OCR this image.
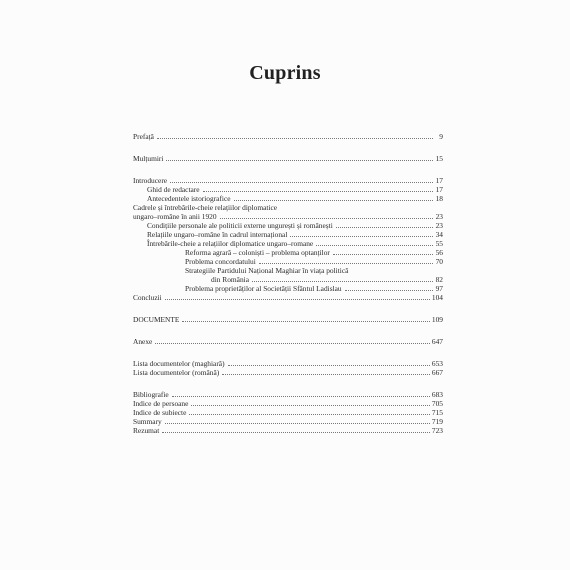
Cuprins
Prefață	9
Mulțumiri	15
Introducere	17
Ghid de redactare	17
Antecedentele istoriografice	18
Cadrele și întrebările-cheie relațiilor diplomatice
ungaro–române în anii 1920	23
Condițiile personale ale politicii externe ungurești și românești	23
Relațiile ungaro–române în cadrul internațional	34
Întrebările-cheie a relațiilor diplomatice ungaro–romane	55
Reforma agrară – coloniști – problema optanților	56
Problema concordatului	70
Strategiile Partidului Național Maghiar în viața politică
din România	82
Problema proprietăților al Societății Sfântul Ladislau	97
Concluzii	104
DOCUMENTE	109
Anexe	647
Lista documentelor (maghiară)	653
Lista documentelor (română)	667
Bibliografie	683
Indice de persoane	705
Indice de subiecte	715
Summary	719
Rezumat	723
